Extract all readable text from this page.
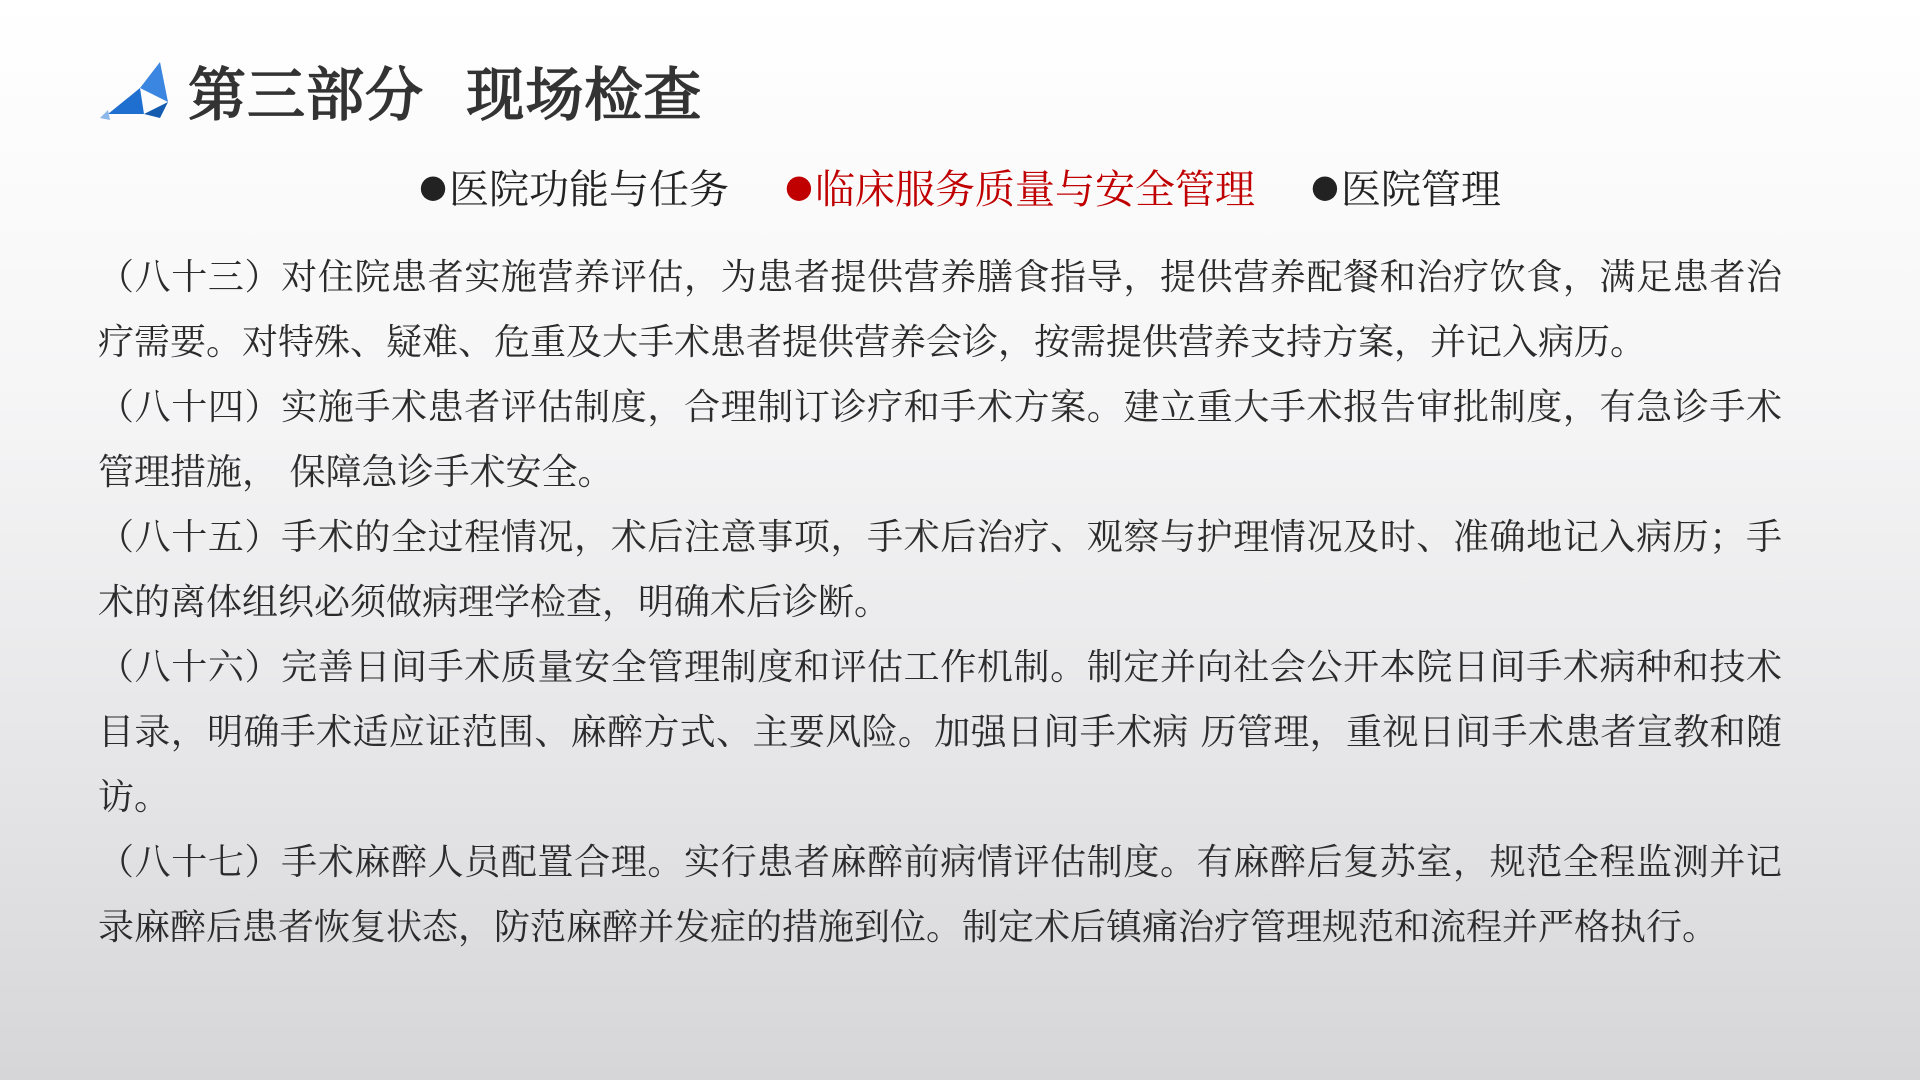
第三部分  现场检查
● 医院功能与任务 ● 临床服务质量与安全管理 ● 医院管理

（八十三）对住院患者实施营养评估，为患者提供营养膳食指导，提供营养配餐和治疗饮食，满足患者治疗需要。对特殊、疑难、危重及大手术患者提供营养会诊，按需提供营养支持方案，并记入病历。

（八十四）实施手术患者评估制度，合理制订诊疗和手术方案。建立重大手术报告审批制度，有急诊手术管理措施， 保障急诊手术安全。

（八十五）手术的全过程情况，术后注意事项，手术后治疗、观察与护理情况及时、准确地记入病历；手术的离体组织必须做病理学检查，明确术后诊断。

（八十六）完善日间手术质量安全管理制度和评估工作机制。制定并向社会公开本院日间手术病种和技术目录，明确手术适应证范围、麻醉方式、主要风险。加强日间手术病 历管理，重视日间手术患者宣教和随访。

（八十七）手术麻醉人员配置合理。实行患者麻醉前病情评估制度。有麻醉后复苏室，规范全程监测并记录麻醉后患者恢复状态，防范麻醉并发症的措施到位。制定术后镇痛治疗管理规范和流程并严格执行。
